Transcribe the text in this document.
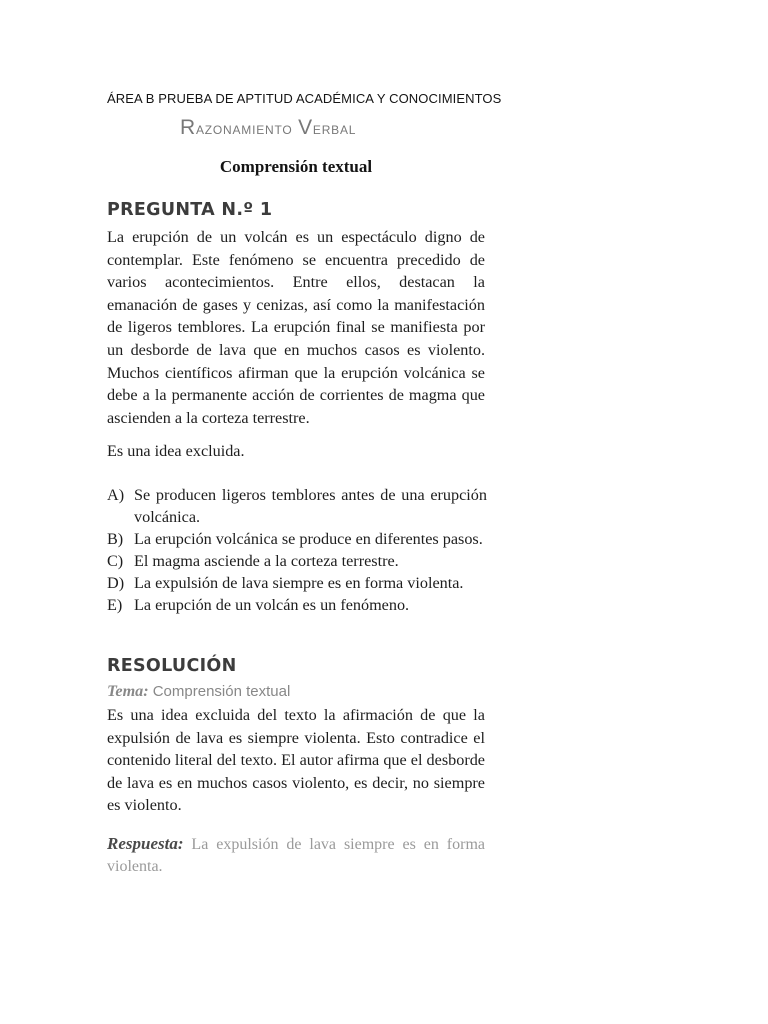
ÁREA B PRUEBA DE APTITUD ACADÉMICA Y CONOCIMIENTOS
Razonamiento Verbal
Comprensión textual
PREGUNTA N.º 1
La erupción de un volcán es un espectáculo digno de contemplar. Este fenómeno se encuentra precedido de varios acontecimientos. Entre ellos, destacan la emanación de gases y cenizas, así como la manifestación de ligeros temblores. La erupción final se manifiesta por un desborde de lava que en muchos casos es violento. Muchos científicos afirman que la erupción volcánica se debe a la permanente acción de corrientes de magma que ascienden a la corteza terrestre.
Es una idea excluida.
A) Se producen ligeros temblores antes de una erupción volcánica.
B) La erupción volcánica se produce en diferentes pasos.
C) El magma asciende a la corteza terrestre.
D) La expulsión de lava siempre es en forma violenta.
E) La erupción de un volcán es un fenómeno.
RESOLUCIÓN
Tema: Comprensión textual
Es una idea excluida del texto la afirmación de que la expulsión de lava es siempre violenta. Esto contradice el contenido literal del texto. El autor afirma que el desborde de lava es en muchos casos violento, es decir, no siempre es violento.
Respuesta: La expulsión de lava siempre es en forma violenta.
